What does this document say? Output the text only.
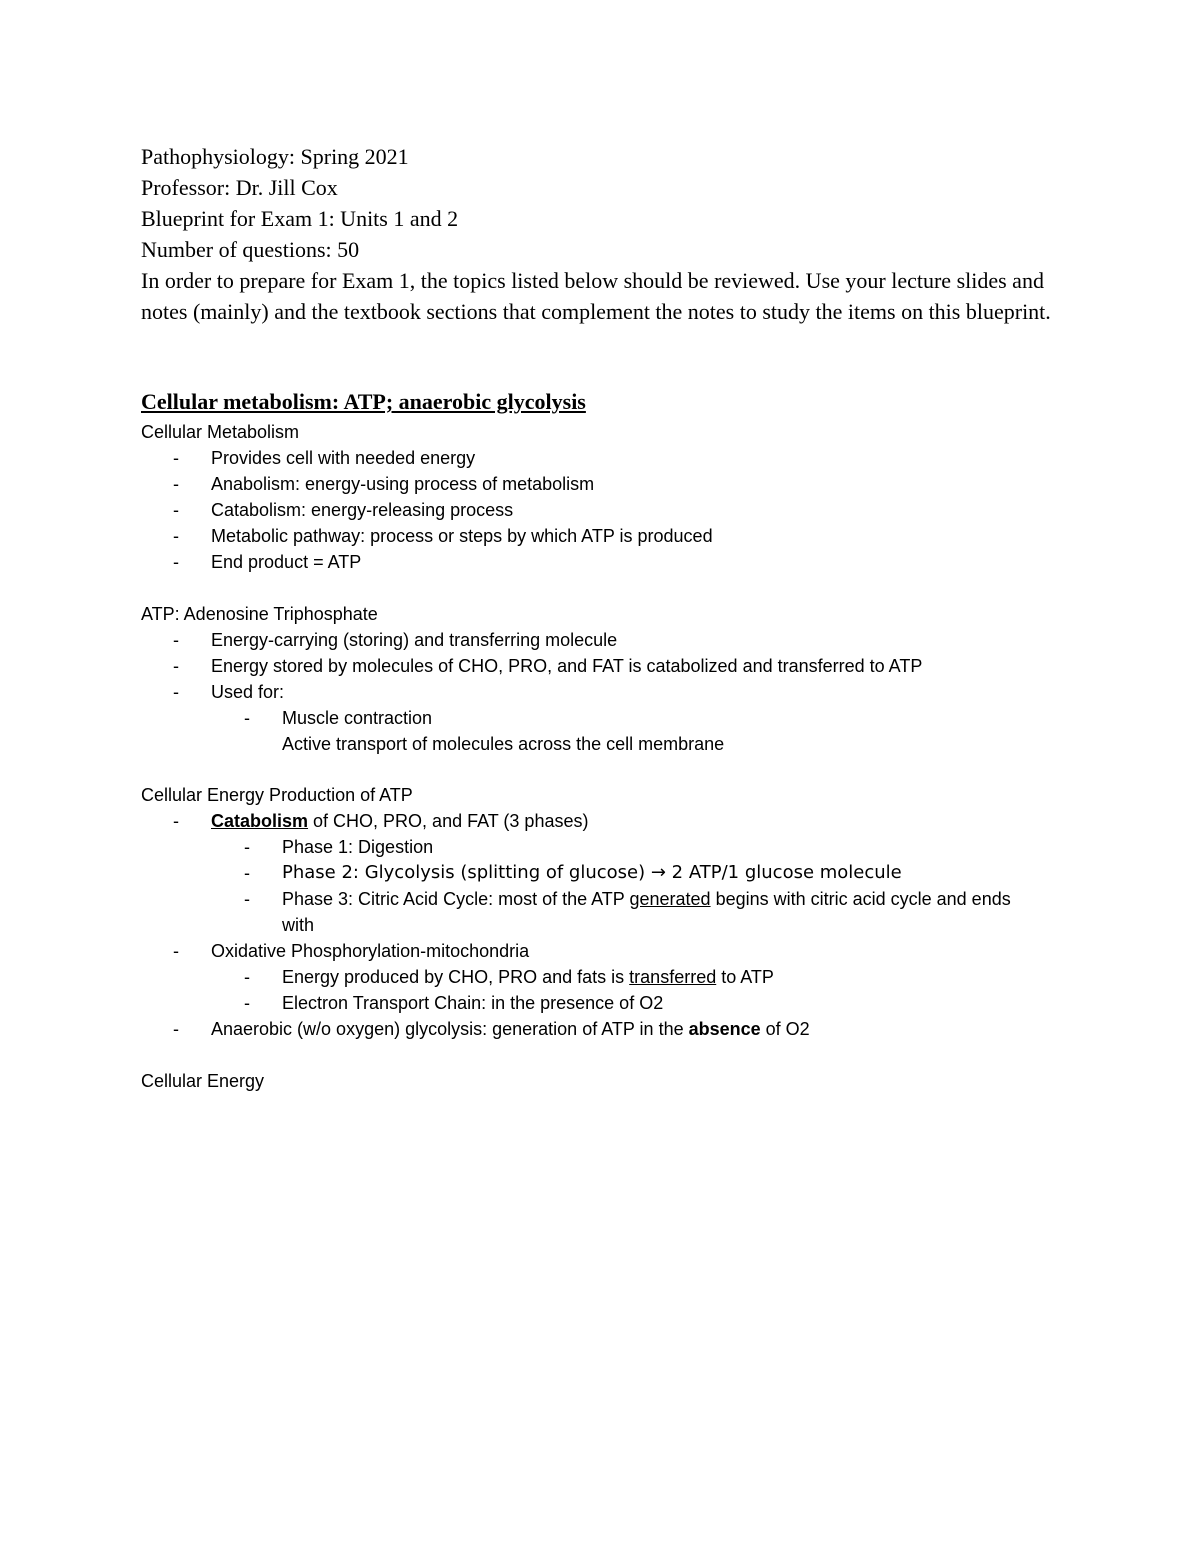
Pathophysiology: Spring 2021
Professor: Dr. Jill Cox
Blueprint for Exam 1: Units 1 and 2
Number of questions: 50
In order to prepare for Exam 1, the topics listed below should be reviewed. Use your lecture slides and notes (mainly) and the textbook sections that complement the notes to study the items on this blueprint.
Cellular metabolism: ATP; anaerobic glycolysis
Cellular Metabolism
- Provides cell with needed energy
- Anabolism: energy-using process of metabolism
- Catabolism: energy-releasing process
- Metabolic pathway: process or steps by which ATP is produced
- End product = ATP
ATP: Adenosine Triphosphate
- Energy-carrying (storing) and transferring molecule
- Energy stored by molecules of CHO, PRO, and FAT is catabolized and transferred to ATP
- Used for:
- Muscle contraction
Active transport of molecules across the cell membrane
Cellular Energy Production of ATP
- Catabolism of CHO, PRO, and FAT (3 phases)
- Phase 1: Digestion
- Phase 2: Glycolysis (splitting of glucose) → 2 ATP/1 glucose molecule
- Phase 3: Citric Acid Cycle: most of the ATP generated begins with citric acid cycle and ends with
- Oxidative Phosphorylation-mitochondria
- Energy produced by CHO, PRO and fats is transferred to ATP
- Electron Transport Chain: in the presence of O2
- Anaerobic (w/o oxygen) glycolysis: generation of ATP in the absence of O2
Cellular Energy
